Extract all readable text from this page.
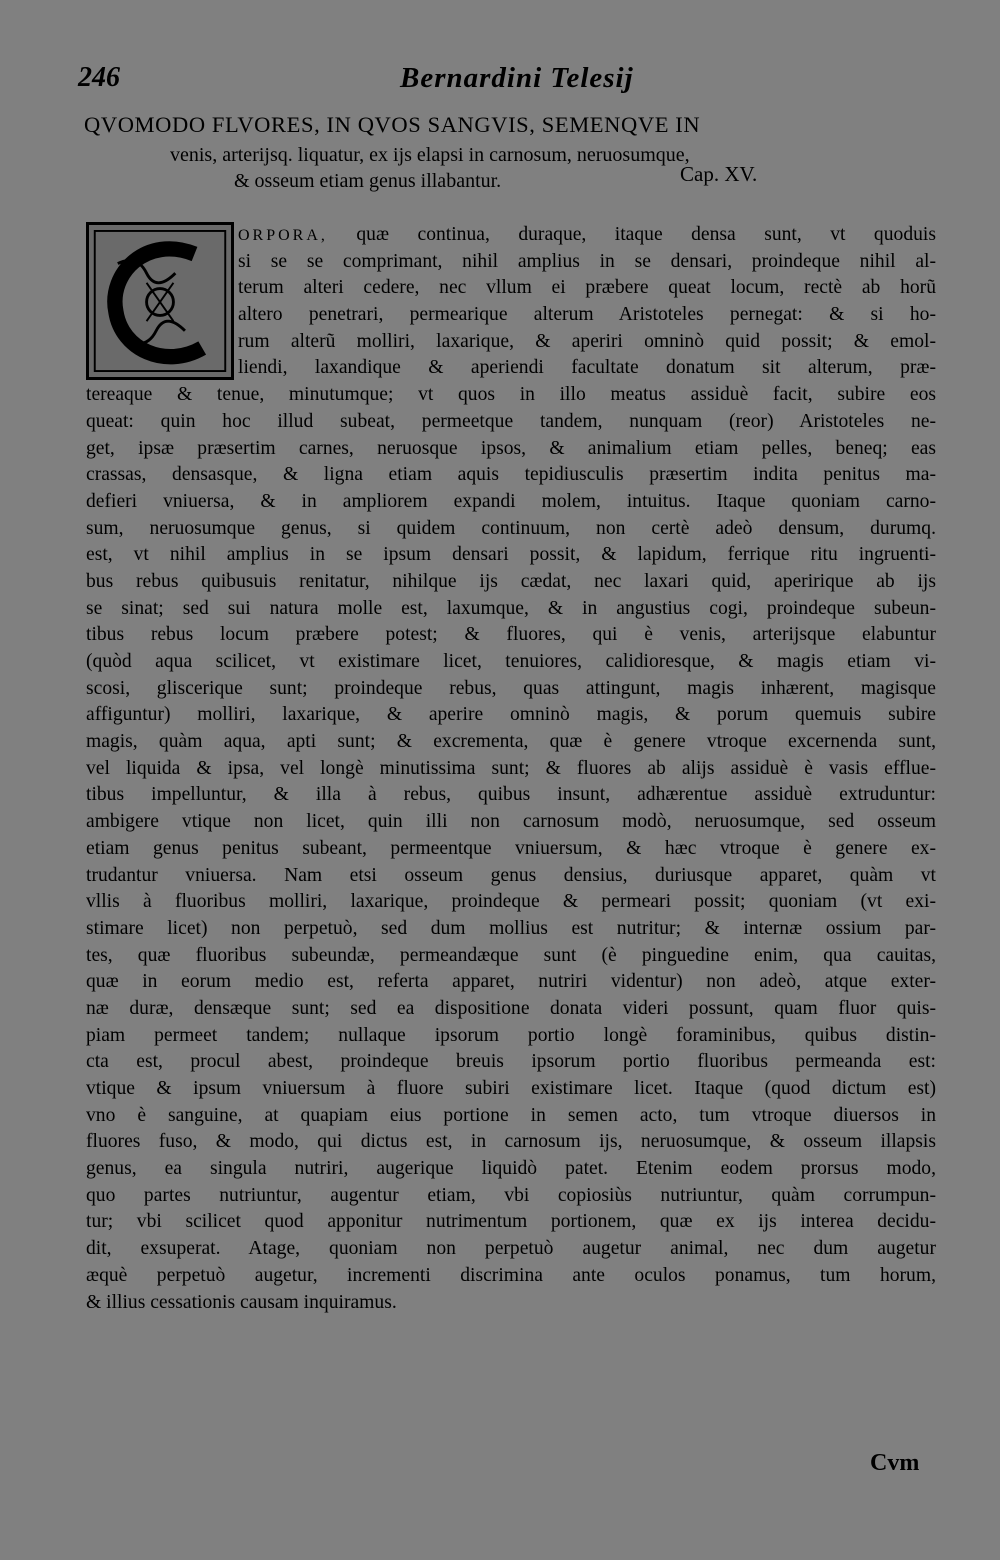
246	Bernardini Telesij
QVOMODO FLVORES, IN QVOS SANGVIS, SEMENQVE IN
venis, arterijsq. liquatur, ex ijs elapsi in carnosum, neruosumque,
& osseum etiam genus illabantur.	Cap. XV.
ORPORA, quæ continua, duraque, itaque densa sunt, vt quoduis
si se se comprimant, nihil amplius in se densari, proindeque nihil al-
terum alteri cedere, nec vllum ei præbere queat locum, rectè ab horũ
altero penetrari, permearique alterum Aristoteles pernegat: & si ho-
rum alterũ molliri, laxarique, & aperiri omninò quid possit; & emol-
liendi, laxandique & aperiendi facultate donatum sit alterum, præ-
tereaque & tenue, minutumque; vt quos in illo meatus assiduè facit, subire eos
queat: quin hoc illud subeat, permeetque tandem, nunquam (reor) Aristoteles ne-
get, ipsæ præsertim carnes, neruosque ipsos, & animalium etiam pelles, beneq; eas
crassas, densasque, & ligna etiam aquis tepidiusculis præsertim indita penitus ma-
defieri vniuersa, & in ampliorem expandi molem, intuitus. Itaque quoniam carno-
sum, neruosumque genus, si quidem continuum, non certè adeò densum, durumq.
est, vt nihil amplius in se ipsum densari possit, & lapidum, ferrique ritu ingruenti-
bus rebus quibusuis renitatur, nihilque ijs cædat, nec laxari quid, aperirique ab ijs
se sinat; sed sui natura molle est, laxumque, & in angustius cogi, proindeque subeun-
tibus rebus locum præbere potest; & fluores, qui è venis, arterijsque elabuntur
(quòd aqua scilicet, vt existimare licet, tenuiores, calidioresque, & magis etiam vi-
scosi, gliscerique sunt; proindeque rebus, quas attingunt, magis inhærent, magisque
affiguntur) molliri, laxarique, & aperire omninò magis, & porum quemuis subire
magis, quàm aqua, apti sunt; & excrementa, quæ è genere vtroque excernenda sunt,
vel liquida & ipsa, vel longè minutissima sunt; & fluores ab alijs assiduè è vasis efflue-
tibus impelluntur, & illa à rebus, quibus insunt, adhærentue assiduè extruduntur:
ambigere vtique non licet, quin illi non carnosum modò, neruosumque, sed osseum
etiam genus penitus subeant, permeentque vniuersum, & hæc vtroque è genere ex-
trudantur vniuersa. Nam etsi osseum genus densius, duriusque apparet, quàm vt
vllis à fluoribus molliri, laxarique, proindeque & permeari possit; quoniam (vt exi-
stimare licet) non perpetuò, sed dum mollius est nutritur; & internæ ossium par-
tes, quæ fluoribus subeundæ, permeandæque sunt (è pinguedine enim, qua cauitas,
quæ in eorum medio est, referta apparet, nutriri videntur) non adeò, atque exter-
næ duræ, densæque sunt; sed ea dispositione donata videri possunt, quam fluor quis-
piam permeet tandem; nullaque ipsorum portio longè foraminibus, quibus distin-
cta est, procul abest, proindeque breuis ipsorum portio fluoribus permeanda est:
vtique & ipsum vniuersum à fluore subiri existimare licet. Itaque (quod dictum est)
vno è sanguine, at quapiam eius portione in semen acto, tum vtroque diuersos in
fluores fuso, & modo, qui dictus est, in carnosum ijs, neruosumque, & osseum illapsis
genus, ea singula nutriri, augerique liquidò patet. Etenim eodem prorsus modo,
quo partes nutriuntur, augentur etiam, vbi copiosiùs nutriuntur, quàm corrumpun-
tur; vbi scilicet quod apponitur nutrimentum portionem, quæ ex ijs interea decidu-
dit, exsuperat. Atage, quoniam non perpetuò augetur animal, nec dum augetur
æquè perpetuò augetur, incrementi discrimina ante oculos ponamus, tum horum,
& illius cessationis causam inquiramus.
Cvm
